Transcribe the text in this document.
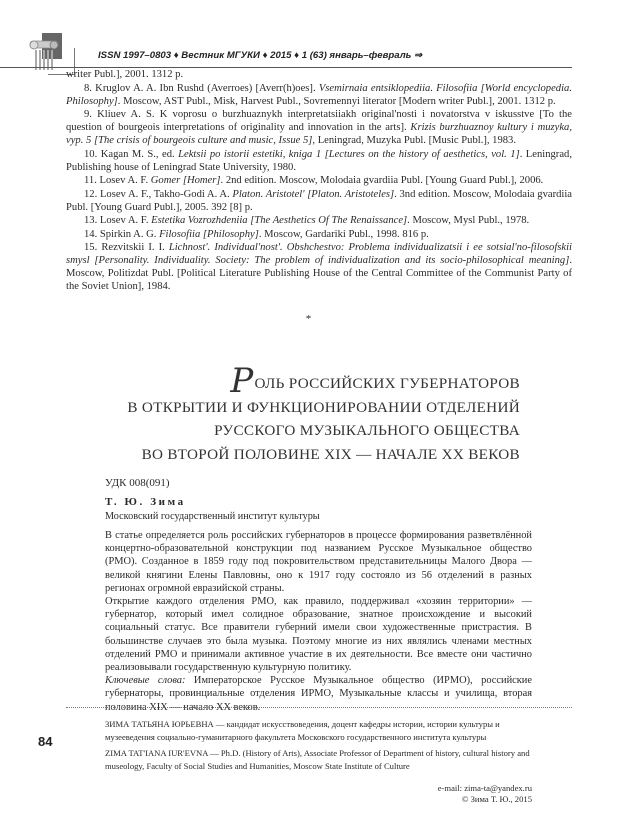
ISSN 1997–0803 ♦ Вестник МГУКИ ♦ 2015 ♦ 1 (63) январь–февраль ⇒

writer Publ.], 2001. 1312 p.

8. Kruglov A. A. Ibn Rushd (Averroes) [Averr(h)oes]. Vsemirnaia entsiklopediia. Filosofiia [World encyclopedia. Philosophy]. Moscow, AST Publ., Misk, Harvest Publ., Sovremennyi literator [Modern writer Publ.], 2001. 1312 p.

9. Kliuev A. S. K voprosu o burzhuaznykh interpretatsiiakh original'nosti i novatorstva v iskusstve [To the question of bourgeois interpretations of originality and innovation in the arts]. Krizis burzhuaznoy kultury i muzyka, vyp. 5 [The crisis of bourgeois culture and music, Issue 5], Leningrad, Muzyka Publ. [Music Publ.], 1983.

10. Kagan M. S., ed. Lektsii po istorii estetiki, kniga 1 [Lectures on the history of aesthetics, vol. 1]. Leningrad, Publishing house of Leningrad State University, 1980.

11. Losev A. F. Gomer [Homer]. 2nd edition. Moscow, Molodaia gvardiia Publ. [Young Guard Publ.], 2006.

12. Losev A. F., Takho-Godi A. A. Platon. Aristotel' [Platon. Aristoteles]. 3nd edition. Moscow, Molodaia gvardiia Publ. [Young Guard Publ.], 2005. 392 [8] p.

13. Losev A. F. Estetika Vozrozhdeniia [The Aesthetics Of The Renaissance]. Moscow, Mysl Publ., 1978.

14. Spirkin A. G. Filosofiia [Philosophy]. Moscow, Gardariki Publ., 1998. 816 p.

15. Rezvitskii I. I. Lichnost'. Individual'nost'. Obshchestvo: Problema individualizatsii i ee sotsial'no-filosofskii smysl [Personality. Individuality. Society: The problem of individualization and its socio-philosophical meaning]. Moscow, Politizdat Publ. [Political Literature Publishing House of the Central Committee of the Communist Party of the Soviet Union], 1984.

*
РОЛЬ РОССИЙСКИХ ГУБЕРНАТОРОВ
В ОТКРЫТИИ И ФУНКЦИОНИРОВАНИИ ОТДЕЛЕНИЙ
РУССКОГО МУЗЫКАЛЬНОГО ОБЩЕСТВА
ВО ВТОРОЙ ПОЛОВИНЕ XIX — НАЧАЛЕ XX ВЕКОВ
УДК 008(091)
Т. Ю. Зима
Московский государственный институт культуры

В статье определяется роль российских губернаторов в процессе формирования разветвлённой концертно-образовательной конструкции под названием Русское Музыкальное общество (РМО). Созданное в 1859 году под покровительством представительницы Малого Двора — великой княгини Елены Павловны, оно к 1917 году состояло из 56 отделений в разных регионах огромной евразийской страны.

Открытие каждого отделения РМО, как правило, поддерживал «хозяин территории» — губернатор, который имел солидное образование, знатное происхождение и высокий социальный статус. Все правители губерний имели свои художественные пристрастия. В большинстве случаев это была музыка. Поэтому многие из них являлись членами местных отделений РМО и принимали активное участие в их деятельности. Все вместе они частично реализовывали государственную культурную политику.

Ключевые слова: Императорское Русское Музыкальное общество (ИРМО), российские губернаторы, провинциальные отделения ИРМО, Музыкальные классы и училища, вторая половина XIX — начало XX веков.

ЗИМА ТАТЬЯНА ЮРЬЕВНА — кандидат искусствоведения, доцент кафедры истории, истории культуры и музееведения социально-гуманитарного факультета Московского государственного института культуры

ZIMA TAT'IANA IUR'EVNA — Ph.D. (History of Arts), Associate Professor of Department of history, cultural history and museology, Faculty of Social Studies and Humanities, Moscow State Institute of Culture

e-mail: zima-ta@yandex.ru
© Зима Т. Ю., 2015
84
